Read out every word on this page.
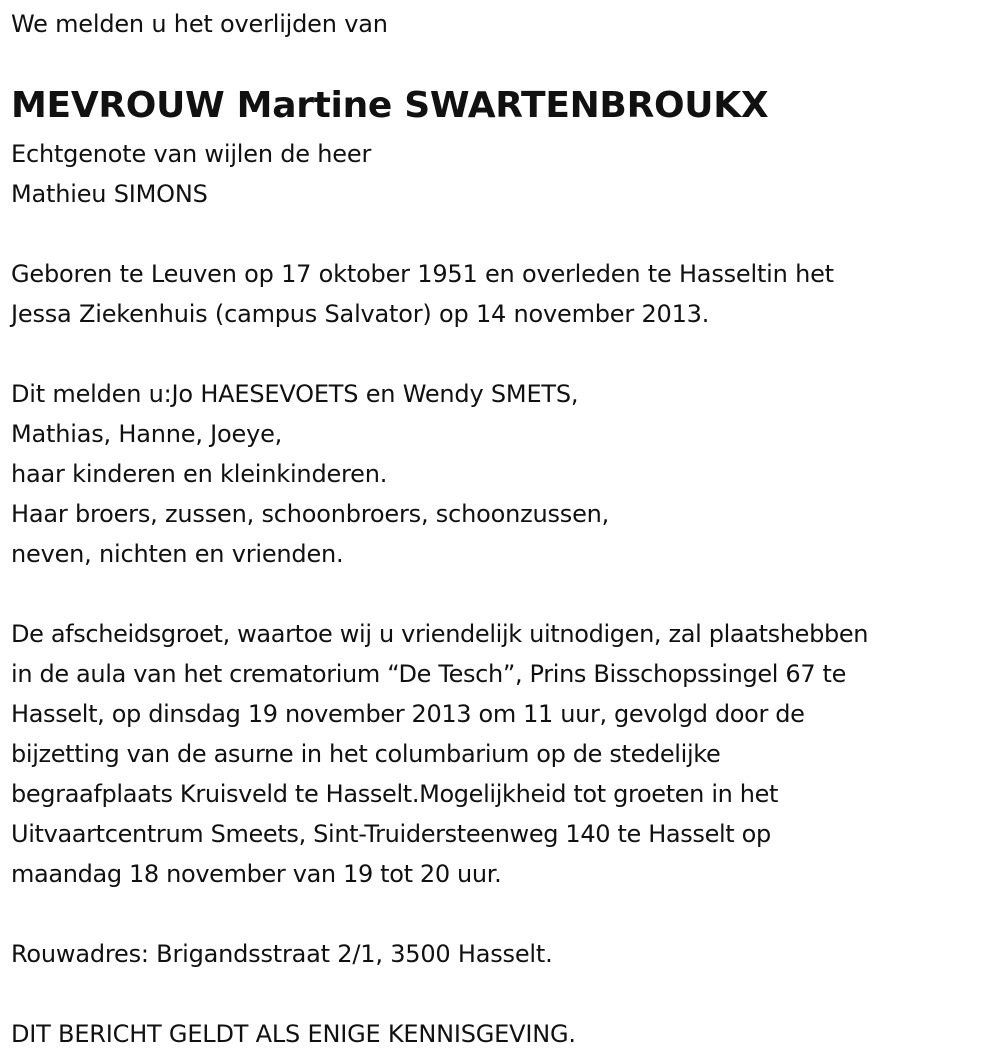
We melden u het overlijden van
MEVROUW Martine SWARTENBROUKX
Echtgenote van wijlen de heer
Mathieu SIMONS
Geboren te Leuven op 17 oktober 1951 en overleden te Hasseltin het
Jessa Ziekenhuis (campus Salvator) op 14 november 2013.
Dit melden u:Jo HAESEVOETS en Wendy SMETS,
Mathias, Hanne, Joeye,
haar kinderen en kleinkinderen.
Haar broers, zussen, schoonbroers, schoonzussen,
neven, nichten en vrienden.
De afscheidsgroet, waartoe wij u vriendelijk uitnodigen, zal plaatshebben
in de aula van het crematorium “De Tesch”, Prins Bisschopssingel 67 te
Hasselt, op dinsdag 19 november 2013 om 11 uur, gevolgd door de
bijzetting van de asurne in het columbarium op de stedelijke
begraafplaats Kruisveld te Hasselt.Mogelijkheid tot groeten in het
Uitvaartcentrum Smeets, Sint-Truidersteenweg 140 te Hasselt op
maandag 18 november van 19 tot 20 uur.
Rouwadres: Brigandsstraat 2/1, 3500 Hasselt.
DIT BERICHT GELDT ALS ENIGE KENNISGEVING.
